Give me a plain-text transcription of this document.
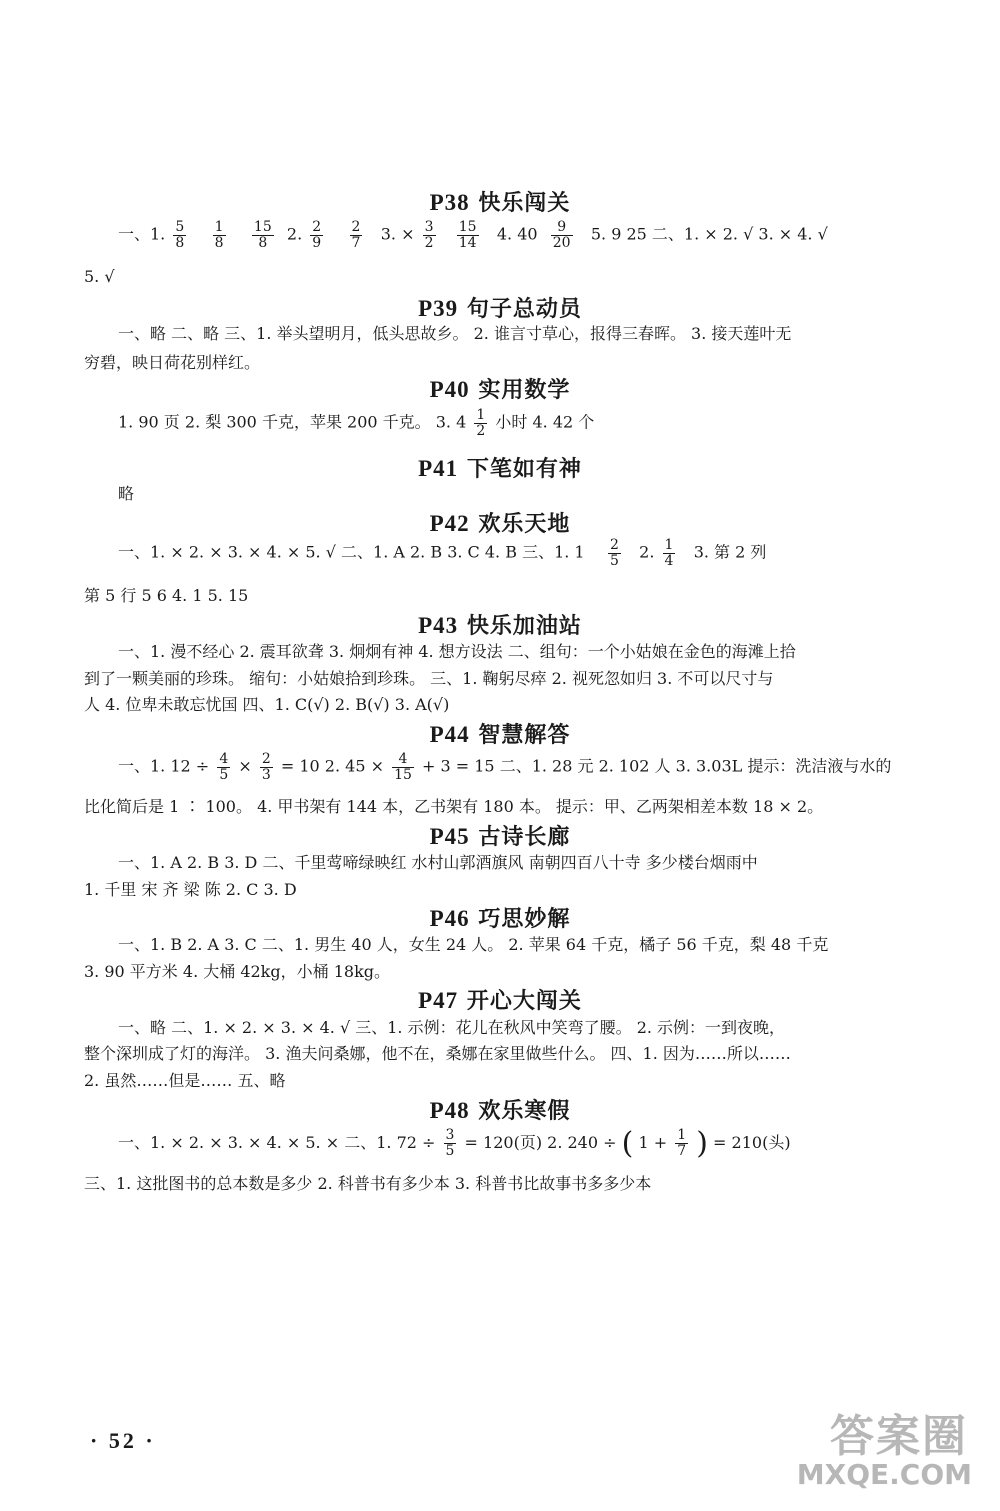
P38 快乐闯关
一、1. $\frac{5}{8}$
$\frac{1}{8}$
$\frac{15}{8} 2$. $\frac{2}{9}$
$\frac{2}{7} 3$. × $\frac{3}{2}$
$\frac{15}{14} 4$. $40 \frac{9}{20} 5$. 9 25 二、1. × 2. √ 3. × 4. √
5. √
P39 句子总动员
一、略 二、略 三、1. 举头望明月，低头思故乡。 2. 谁言寸草心，报得三春晖。 3. 接天莲叶无
穷碧，映日荷花别样红。
P40 实用数学
1. 90 页 2. 梨 300 千克，苹果 200 千克。 3. $4 \frac{1}{2}$ 小时 4. 42 个
P41 下笔如有神
略
P42 欢乐天地
一、1. × 2. × 3. × 4. × 5. √ 二、1. A 2. B 3. C 4. B 三、1. $1 \frac{2}{5} 2$. $\frac{1}{4} 3$. 第 2 列
第 5 行 5 6 4. 1 5. 15
P43 快乐加油站
一、1. 漫不经心 2. 震耳欲聋 3. 炯炯有神 4. 想方设法 二、组句：一个小姑娘在金色的海滩上拾
到了一颗美丽的珍珠。 缩句：小姑娘拾到珍珠。 三、1. 鞠躬尽瘁 2. 视死忽如归 3. 不可以尺寸与
人 4. 位卑未敢忘忧国 四、1. C(√) 2. B(√) 3. A(√)
P44 智慧解答
一、1. $12 \div \frac{4}{5} \times \frac{2}{3} = 10$ 2. $45 \times \frac{4}{15} + 3 = 15$ 二、1. 28 元 2. 102 人 3. 3.03L 提示：洗洁液与水的
比化简后是 1 ∶ 100。 4. 甲书架有 144 本，乙书架有 180 本。 提示：甲、乙两架相差本数 18 × 2。
P45 古诗长廊
一、1. A 2. B 3. D 二、千里莺啼绿映红 水村山郭酒旗风 南朝四百八十寺 多少楼台烟雨中
1. 千里 宋 齐 梁 陈 2. C 3. D
P46 巧思妙解
一、1. B 2. A 3. C 二、1. 男生 40 人，女生 24 人。 2. 苹果 64 千克，橘子 56 千克，梨 48 千克
3. 90 平方米 4. 大桶 42kg，小桶 18kg。
P47 开心大闯关
一、略 二、1. × 2. × 3. × 4. √ 三、1. 示例：花儿在秋风中笑弯了腰。 2. 示例：一到夜晚，
整个深圳成了灯的海洋。 3. 渔夫问桑娜，他不在，桑娜在家里做些什么。 四、1. 因为……所以……
2. 虽然……但是…… 五、略
P48 欢乐寒假
一、1. × 2. × 3. × 4. × 5. × 二、1. $72 \div \frac{3}{5} = 120$(页) 2. 240 ÷ ( $1 + \frac{1}{7}$ ) = 210(头)
三、1. 这批图书的总本数是多少 2. 科普书有多少本 3. 科普书比故事书多多少本
· 52 ·	答案圈
MXQE.COM
